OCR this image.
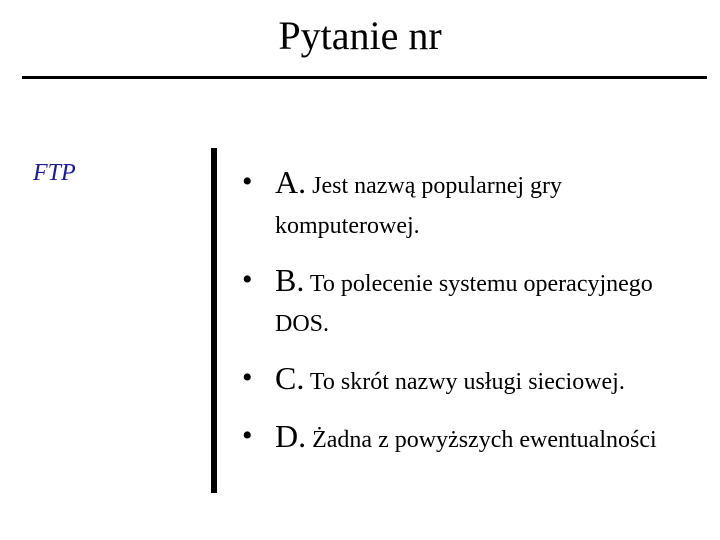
Pytanie nr
FTP
•	A. Jest nazwą popularnej gry komputerowej.
• B. To polecenie systemu operacyjnego DOS.
• C. To skrót nazwy usługi sieciowej.
• D. Żadna z powyższych ewentualności
